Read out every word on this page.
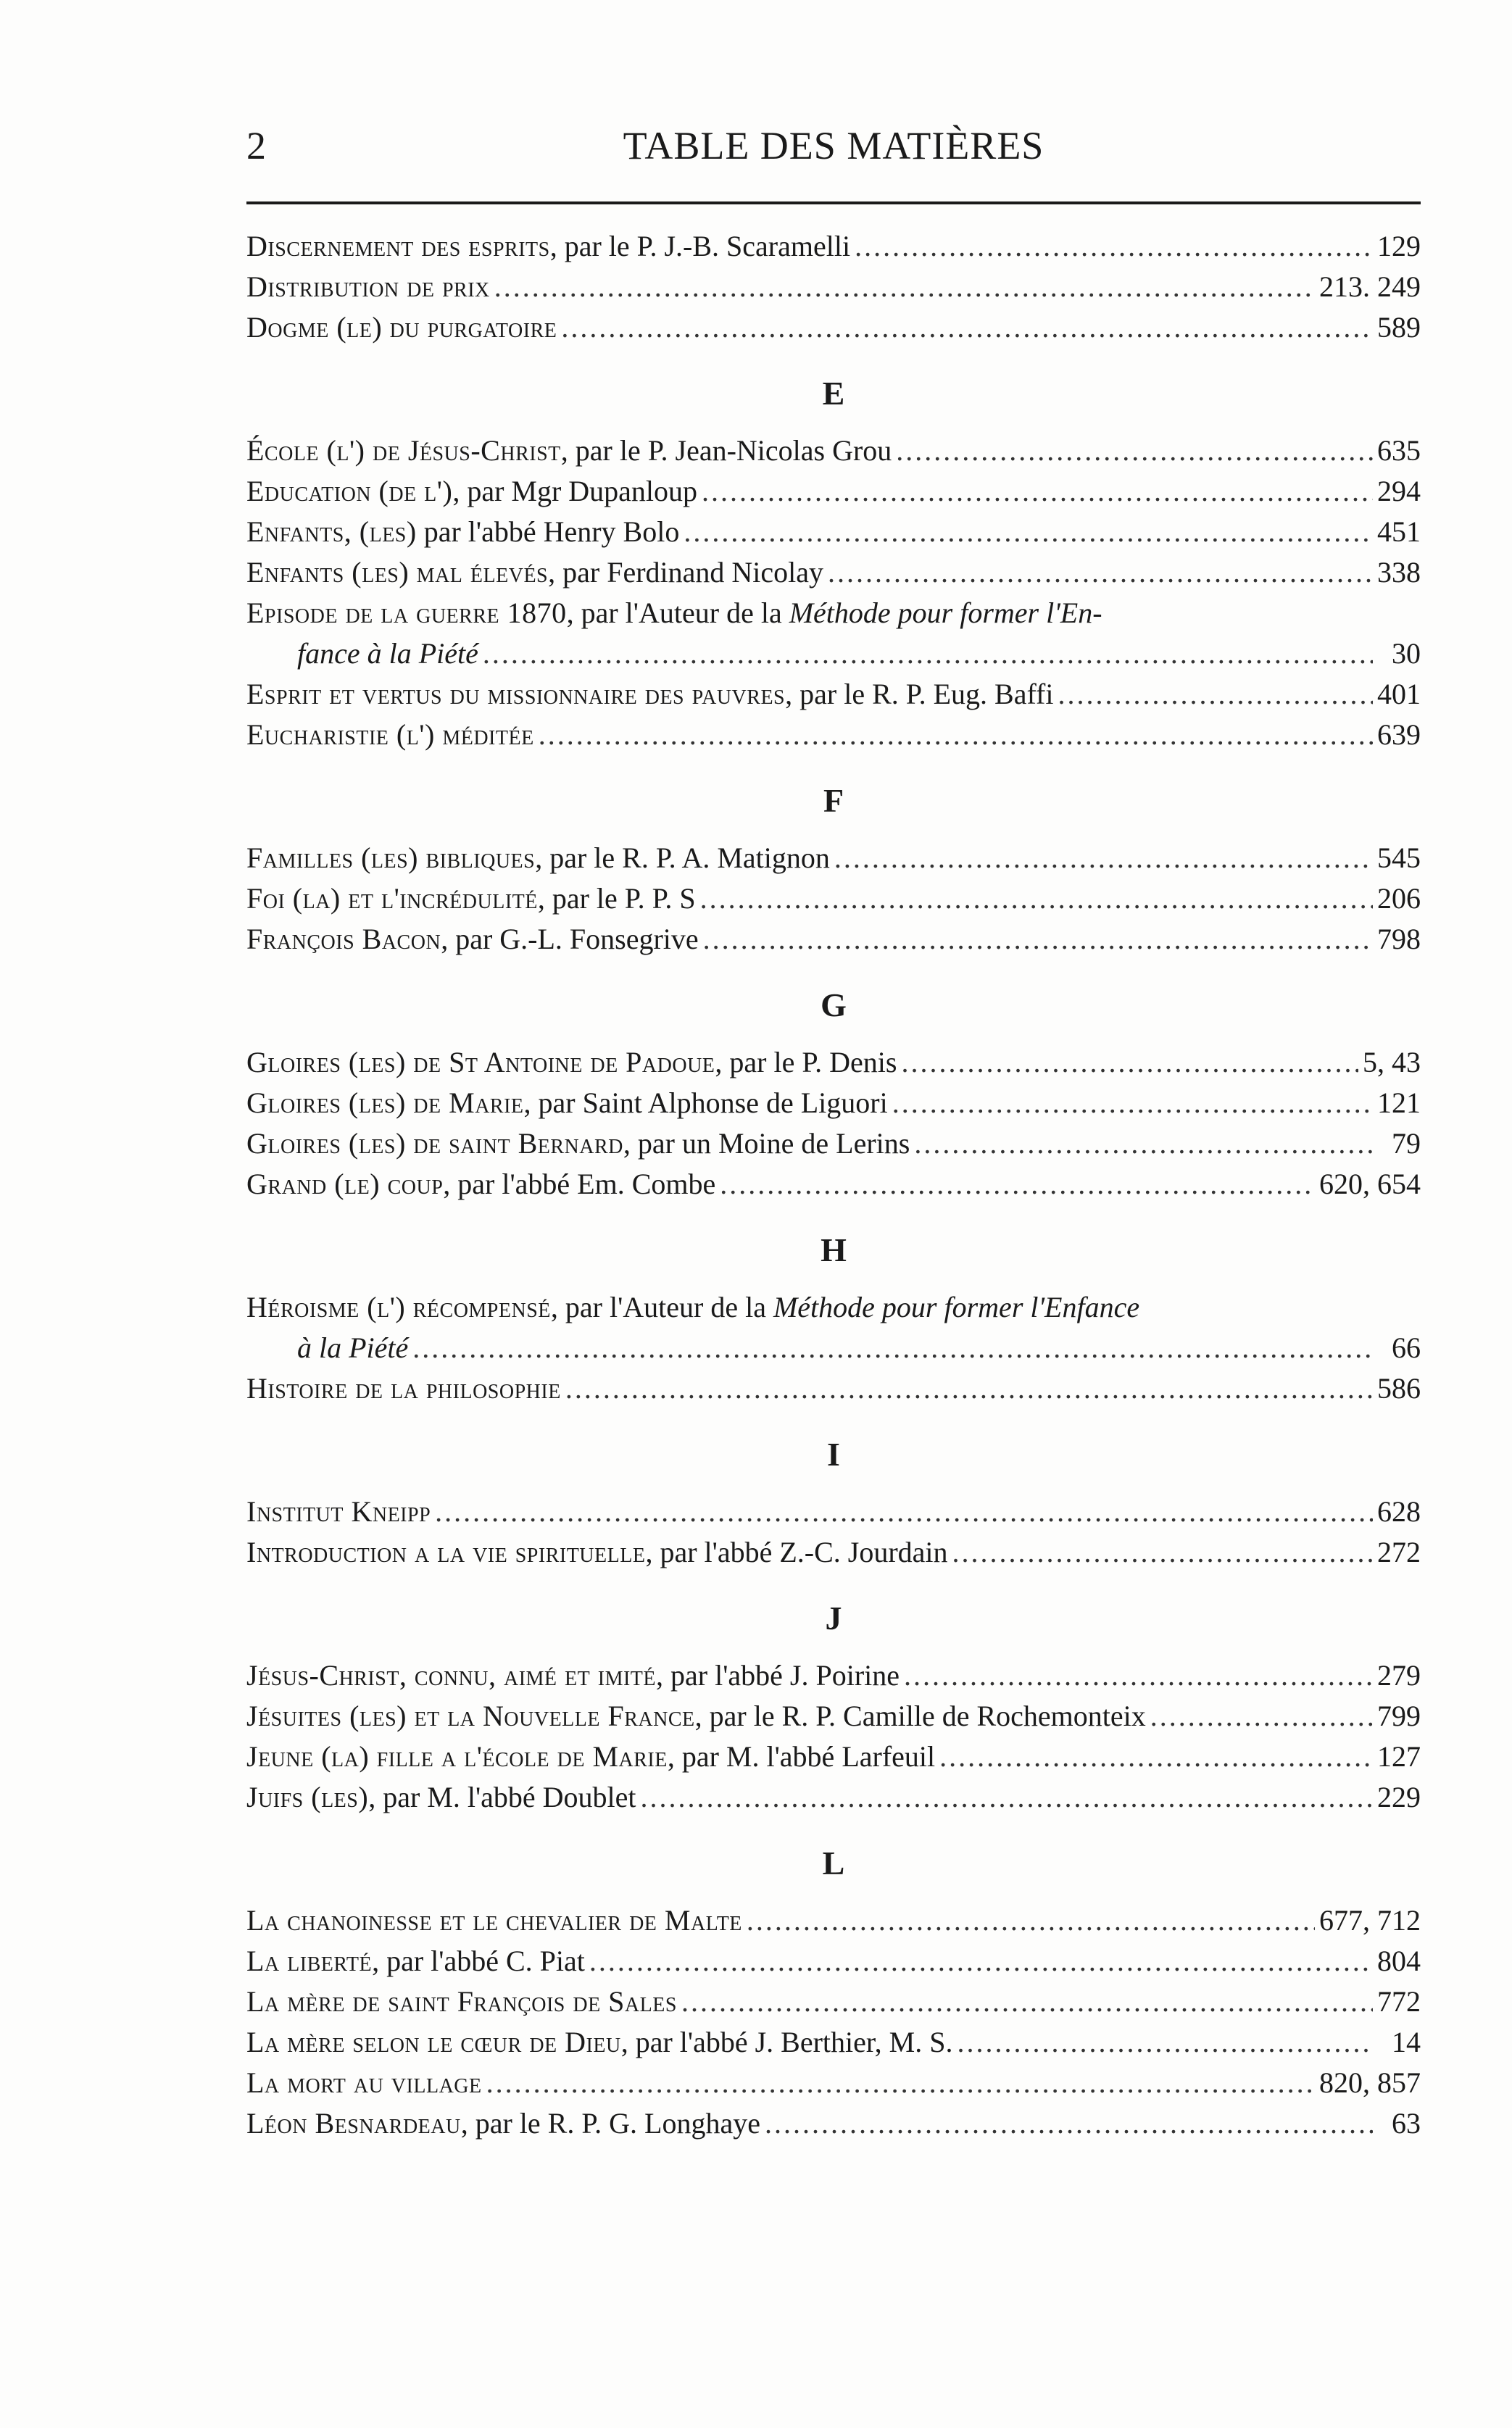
2	TABLE DES MATIÈRES
Discernement des esprits , par le P. J.-B. Scaramelli .....	129
Distribution de prix .....	213. 249
Dogme (le) du purgatoire .....	589
E
École (l') de Jésus-Christ , par le P. Jean-Nicolas Grou .....	635
Education (de l') , par Mgr Dupanloup .....	294
Enfants, (les) par l'abbé Henry Bolo .....	451
Enfants (les) mal élevés , par Ferdinand Nicolay .....	338
Episode de la guerre 1870 , par l'Auteur de la Méthode pour former l'En-
fance à la Piété .....	30
Esprit et vertus du missionnaire des pauvres , par le R. P. Eug. Baffi .....	401
Eucharistie (l') méditée .....	639
F
Familles (les) bibliques , par le R. P. A. Matignon .....	545
Foi (la) et l'incrédulité , par le P. P. S .....	206
François Bacon , par G.-L. Fonsegrive .....	798
G
Gloires (les) de St Antoine de Padoue , par le P. Denis .....	5, 43
Gloires (les) de Marie , par Saint Alphonse de Liguori .....	121
Gloires (les) de saint Bernard , par un Moine de Lerins .....	79
Grand (le) coup , par l'abbé Em. Combe .....	620, 654
H
Héroisme (l') récompensé , par l'Auteur de la Méthode pour former l'Enfance
à la Piété .....	66
Histoire de la philosophie .....	586
I
Institut Kneipp .....	628
Introduction a la vie spirituelle , par l'abbé Z.-C. Jourdain .....	272
J
Jésus-Christ, connu, aimé et imité , par l'abbé J. Poirine .....	279
Jésuites (les) et la Nouvelle France , par le R. P. Camille de Rochemonteix .....	799
Jeune (la) fille a l'école de Marie , par M. l'abbé Larfeuil .....	127
Juifs (les) , par M. l'abbé Doublet .....	229
L
La chanoinesse et le chevalier de Malte .....	677, 712
La liberté , par l'abbé C. Piat .....	804
La mère de saint François de Sales .....	772
La mère selon le cœur de Dieu , par l'abbé J. Berthier, M. S. .....	14
La mort au village .....	820, 857
Léon Besnardeau , par le R. P. G. Longhaye .....	63
